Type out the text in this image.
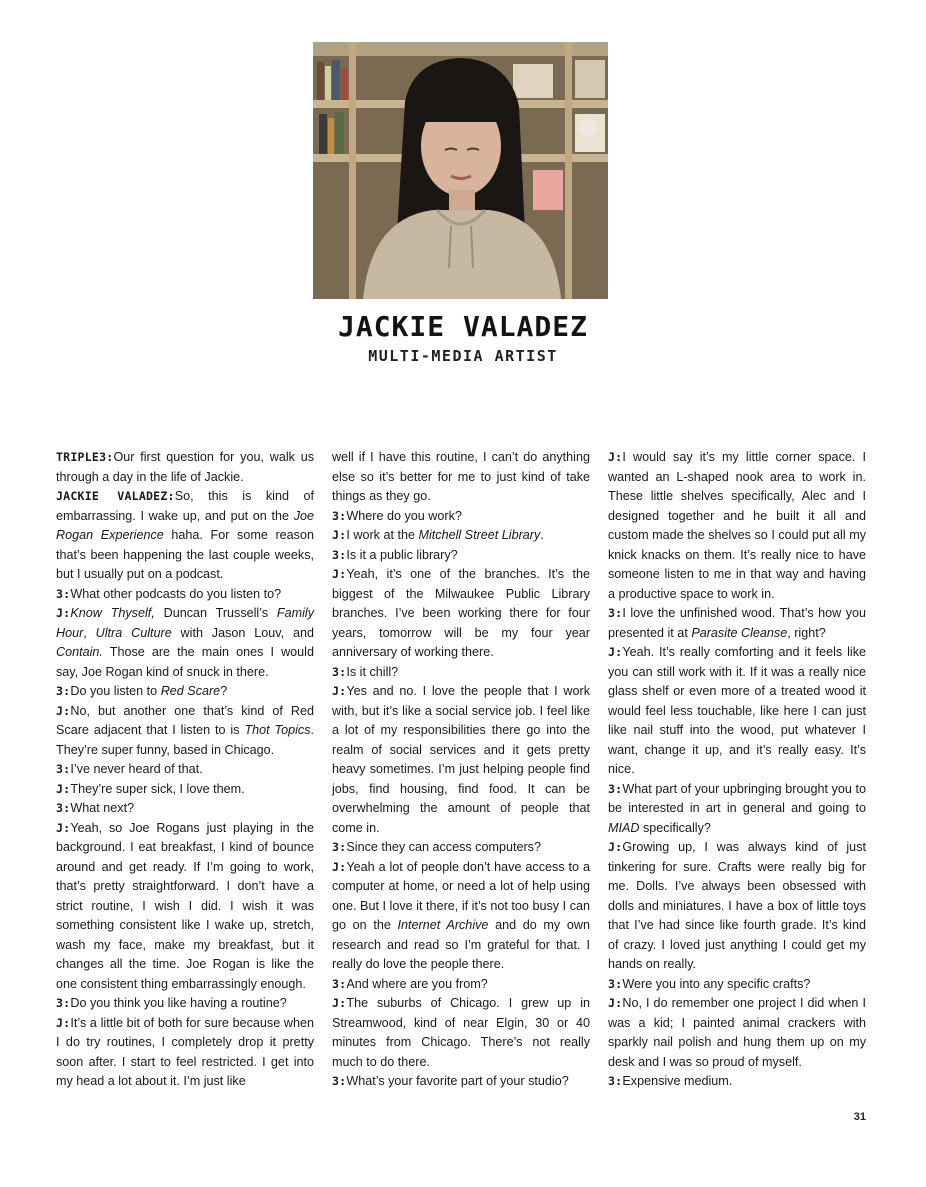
JACKIE VALADEZ
MULTI-MEDIA ARTIST

TRIPLE3:Our first question for you, walk us through a day in the life of Jackie.

JACKIE VALADEZ:So, this is kind of embarrassing. I wake up, and put on the Joe Rogan Experience haha. For some reason that’s been happening the last couple weeks, but I usually put on a podcast.

3:What other podcasts do you listen to?

J:Know Thyself, Duncan Trussell’s Family Hour, Ultra Culture with Jason Louv, and Contain. Those are the main ones I would say, Joe Rogan kind of snuck in there.

3:Do you listen to Red Scare?

J:No, but another one that’s kind of Red Scare adjacent that I listen to is Thot Topics. They’re super funny, based in Chicago.

3:I’ve never heard of that.

J:They’re super sick, I love them.

3:What next?

J:Yeah, so Joe Rogans just playing in the background. I eat breakfast, I kind of bounce around and get ready. If I’m going to work, that’s pretty straightforward. I don’t have a strict routine, I wish I did. I wish it was something consistent like I wake up, stretch, wash my face, make my breakfast, but it changes all the time. Joe Rogan is like the one consistent thing embarrassingly enough.

3:Do you think you like having a routine?

J:It’s a little bit of both for sure because when I do try routines, I completely drop it pretty soon after. I start to feel restricted. I get into my head a lot about it. I’m just like

well if I have this routine, I can’t do anything else so it’s better for me to just kind of take things as they go.

3:Where do you work?

J:I work at the Mitchell Street Library.

3:Is it a public library?

J:Yeah, it’s one of the branches. It’s the biggest of the Milwaukee Public Library branches. I’ve been working there for four years, tomorrow will be my four year anniversary of working there.

3:Is it chill?

J:Yes and no. I love the people that I work with, but it’s like a social service job. I feel like a lot of my responsibilities there go into the realm of social services and it gets pretty heavy sometimes. I’m just helping people find jobs, find housing, find food. It can be overwhelming the amount of people that come in.

3:Since they can access computers?

J:Yeah a lot of people don’t have access to a computer at home, or need a lot of help using one. But I love it there, if it’s not too busy I can go on the Internet Archive and do my own research and read so I’m grateful for that. I really do love the people there.

3:And where are you from?

J:The suburbs of Chicago. I grew up in Streamwood, kind of near Elgin, 30 or 40 minutes from Chicago. There’s not really much to do there.

3:What’s your favorite part of your studio?

J:I would say it’s my little corner space. I wanted an L-shaped nook area to work in. These little shelves specifically, Alec and I designed together and he built it all and custom made the shelves so I could put all my knick knacks on them. It’s really nice to have someone listen to me in that way and having a productive space to work in.

3:I love the unfinished wood. That’s how you presented it at Parasite Cleanse, right?

J:Yeah. It’s really comforting and it feels like you can still work with it. If it was a really nice glass shelf or even more of a treated wood it would feel less touchable, like here I can just like nail stuff into the wood, put whatever I want, change it up, and it’s really easy. It’s nice.

3:What part of your upbringing brought you to be interested in art in general and going to MIAD specifically?

J:Growing up, I was always kind of just tinkering for sure. Crafts were really big for me. Dolls. I’ve always been obsessed with dolls and miniatures. I have a box of little toys that I’ve had since like fourth grade. It’s kind of crazy. I loved just anything I could get my hands on really.

3:Were you into any specific crafts?

J:No, I do remember one project I did when I was a kid; I painted animal crackers with sparkly nail polish and hung them up on my desk and I was so proud of myself.

3:Expensive medium.

31
